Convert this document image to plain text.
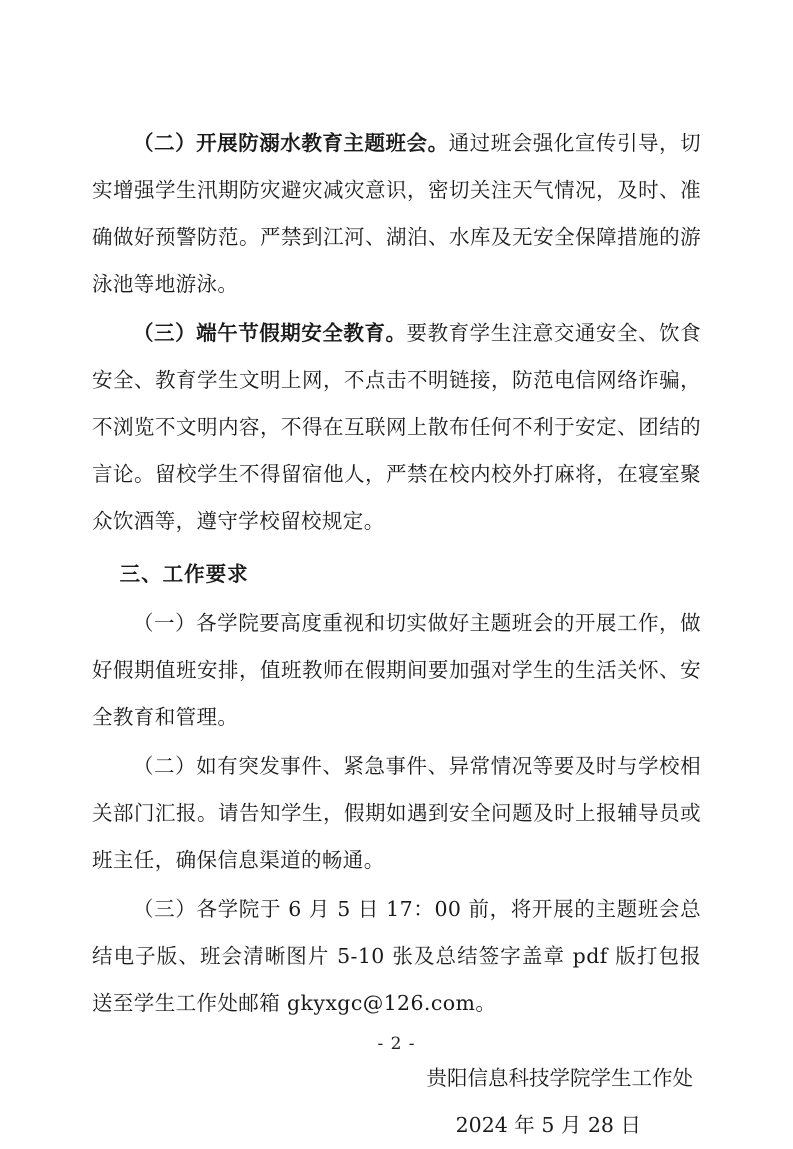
（二）开展防溺水教育主题班会。通过班会强化宣传引导，切实增强学生汛期防灾避灾减灾意识，密切关注天气情况，及时、准确做好预警防范。严禁到江河、湖泊、水库及无安全保障措施的游泳池等地游泳。

（三）端午节假期安全教育。要教育学生注意交通安全、饮食安全、教育学生文明上网，不点击不明链接，防范电信网络诈骗，不浏览不文明内容，不得在互联网上散布任何不利于安定、团结的言论。留校学生不得留宿他人，严禁在校内校外打麻将，在寝室聚众饮酒等，遵守学校留校规定。

三、工作要求

（一）各学院要高度重视和切实做好主题班会的开展工作，做好假期值班安排，值班教师在假期间要加强对学生的生活关怀、安全教育和管理。

（二）如有突发事件、紧急事件、异常情况等要及时与学校相关部门汇报。请告知学生，假期如遇到安全问题及时上报辅导员或班主任，确保信息渠道的畅通。

（三）各学院于 6 月 5 日 17：00 前，将开展的主题班会总结电子版、班会清晰图片 5-10 张及总结签字盖章 pdf 版打包报送至学生工作处邮箱 gkyxgc@126.com。

贵阳信息科技学院学生工作处
2024 年 5 月 28 日
- 2 -
